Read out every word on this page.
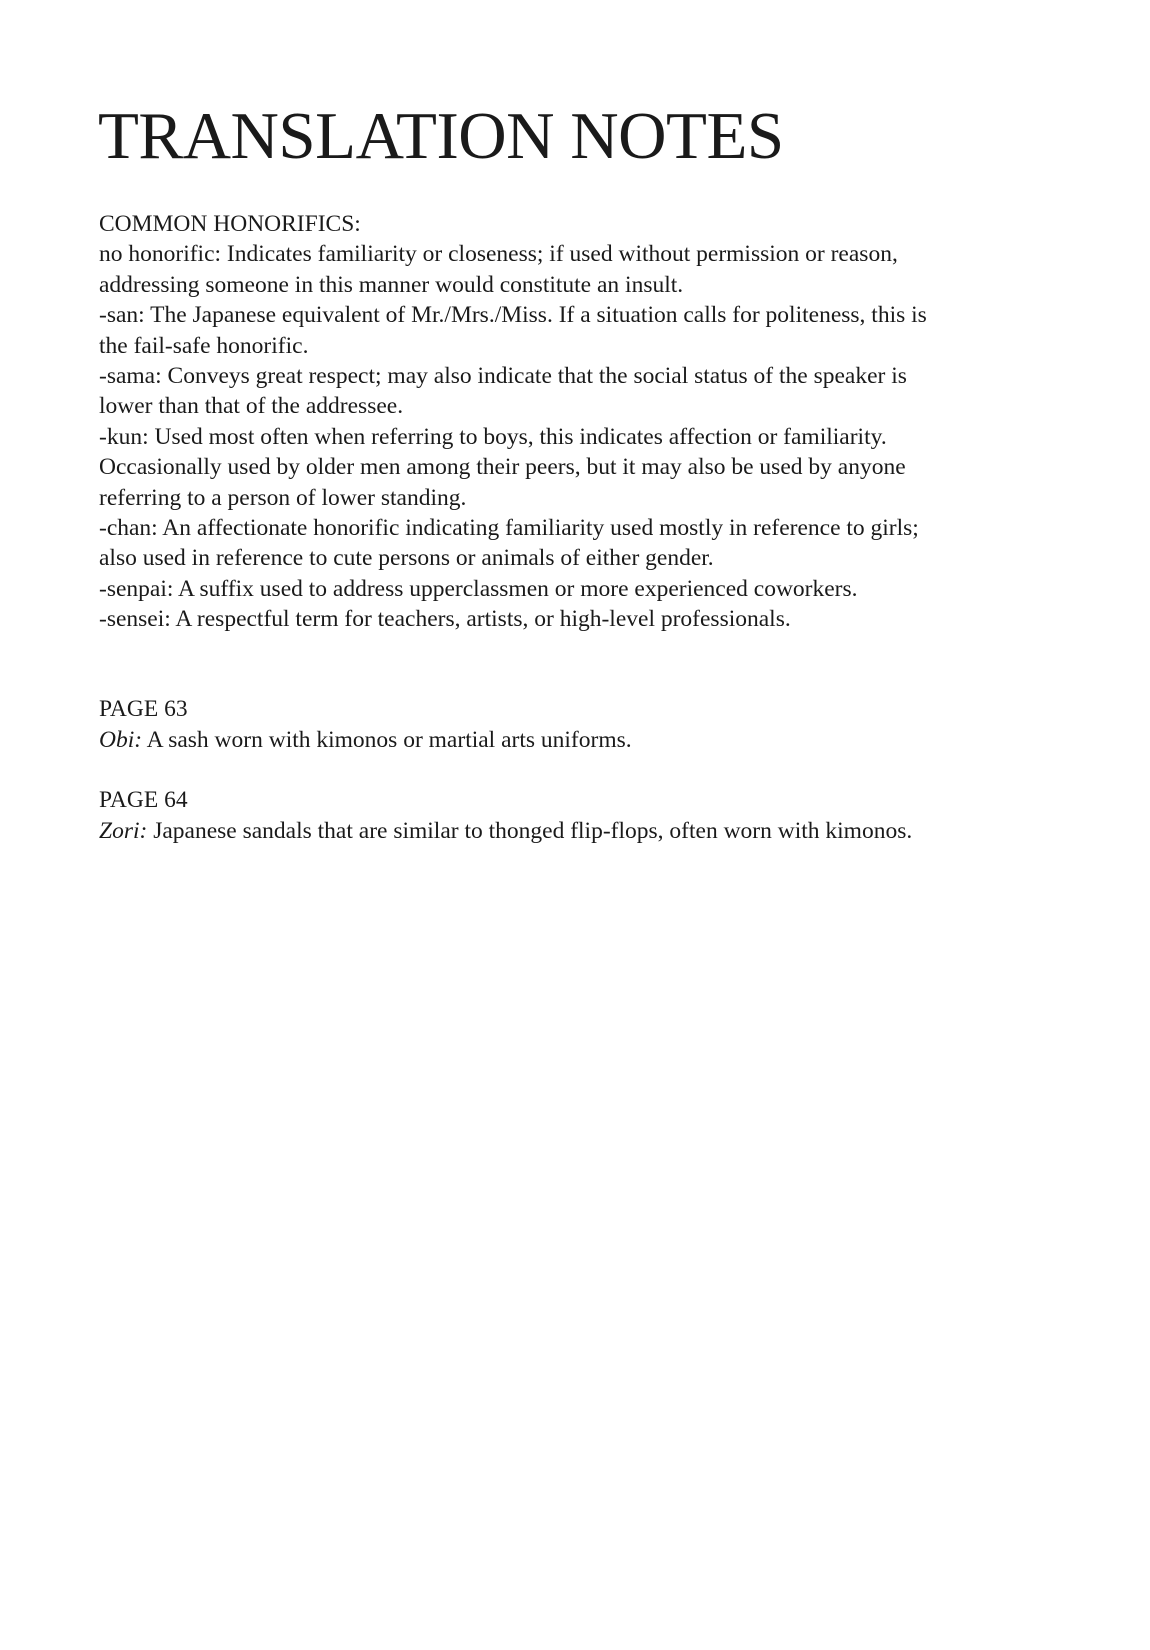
TRANSLATION NOTES
COMMON HONORIFICS:
no honorific: Indicates familiarity or closeness; if used without permission or reason,
addressing someone in this manner would constitute an insult.
-san: The Japanese equivalent of Mr./Mrs./Miss. If a situation calls for politeness, this is
the fail-safe honorific.
-sama: Conveys great respect; may also indicate that the social status of the speaker is
lower than that of the addressee.
-kun: Used most often when referring to boys, this indicates affection or familiarity.
Occasionally used by older men among their peers, but it may also be used by anyone
referring to a person of lower standing.
-chan: An affectionate honorific indicating familiarity used mostly in reference to girls;
also used in reference to cute persons or animals of either gender.
-senpai: A suffix used to address upperclassmen or more experienced coworkers.
-sensei: A respectful term for teachers, artists, or high-level professionals.
PAGE 63
Obi: A sash worn with kimonos or martial arts uniforms.
PAGE 64
Zori: Japanese sandals that are similar to thonged flip-flops, often worn with kimonos.
